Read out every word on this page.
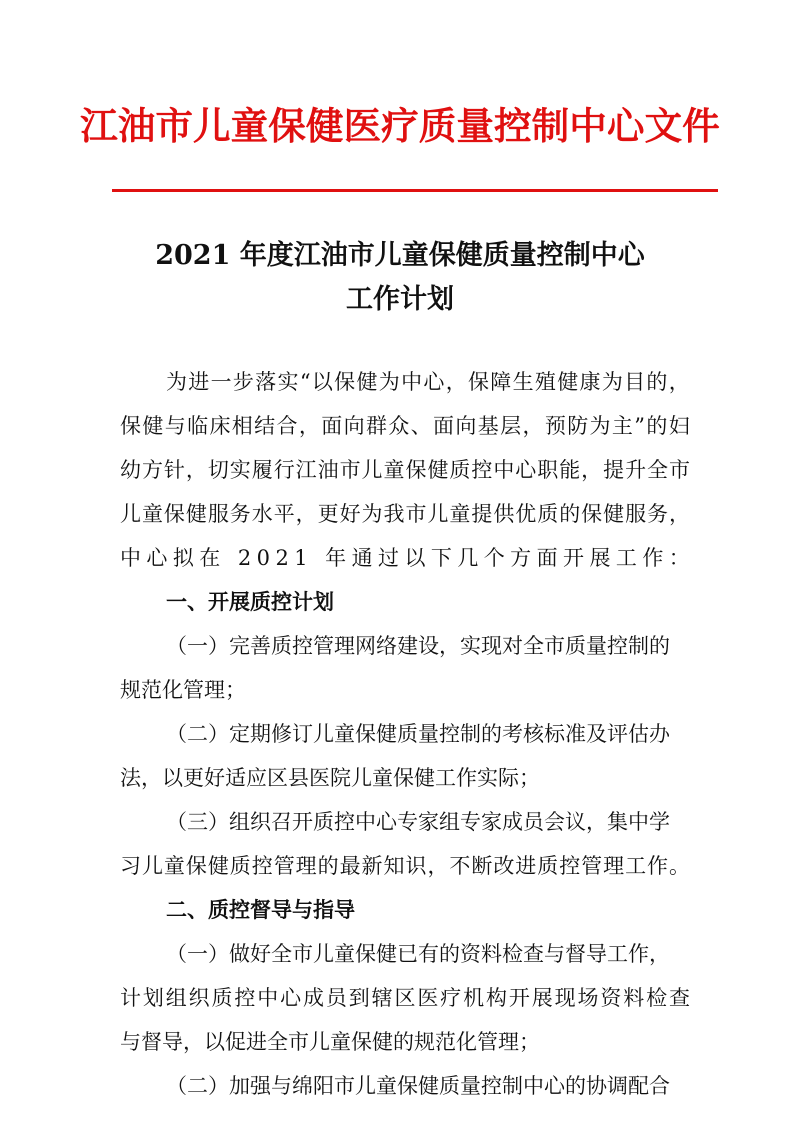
江油市儿童保健医疗质量控制中心文件
2021 年度江油市儿童保健质量控制中心
工作计划
为进一步落实“以保健为中心，保障生殖健康为目的，
保健与临床相结合，面向群众、面向基层，预防为主”的妇
幼方针，切实履行江油市儿童保健质控中心职能，提升全市
儿童保健服务水平，更好为我市儿童提供优质的保健服务，
中心拟在 2021 年通过以下几个方面开展工作：
一、开展质控计划
（一）完善质控管理网络建设，实现对全市质量控制的
规范化管理；
（二）定期修订儿童保健质量控制的考核标准及评估办
法，以更好适应区县医院儿童保健工作实际；
（三）组织召开质控中心专家组专家成员会议，集中学
习儿童保健质控管理的最新知识，不断改进质控管理工作。
二、质控督导与指导
（一）做好全市儿童保健已有的资料检查与督导工作，
计划组织质控中心成员到辖区医疗机构开展现场资料检查
与督导，以促进全市儿童保健的规范化管理；
（二）加强与绵阳市儿童保健质量控制中心的协调配合
